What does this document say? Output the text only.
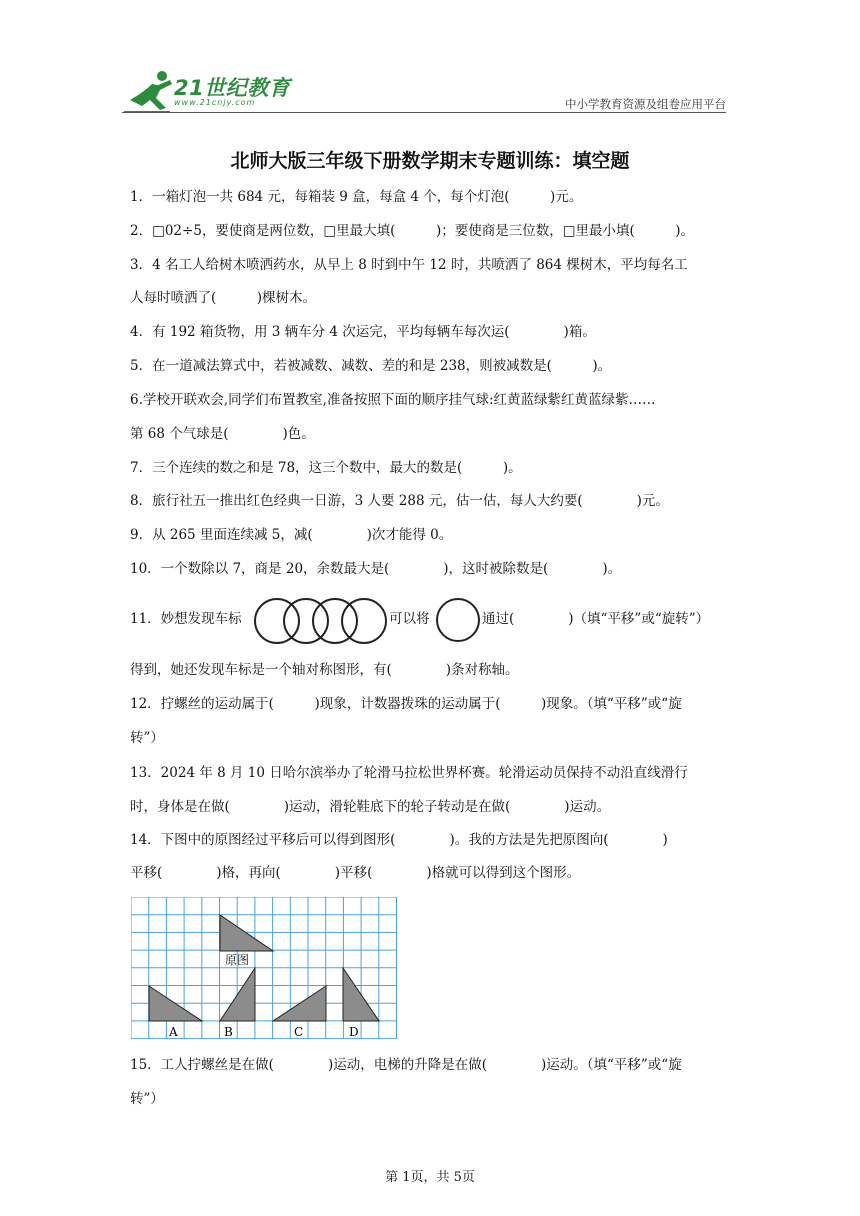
21世纪教育
www.21cnjy.com	中小学教育资源及组卷应用平台
北师大版三年级下册数学期末专题训练：填空题
1．一箱灯泡一共 684 元，每箱装 9 盒，每盒 4 个，每个灯泡(　　　)元。
2．□02÷5，要使商是两位数，□里最大填(　　　)；要使商是三位数，□里最小填(　　　)。
3．4 名工人给树木喷洒药水，从早上 8 时到中午 12 时，共喷洒了 864 棵树木，平均每名工
人每时喷洒了(　　　)棵树木。
4．有 192 箱货物，用 3 辆车分 4 次运完，平均每辆车每次运(　　　　)箱。
5．在一道减法算式中，若被减数、减数、差的和是 238，则被减数是(　　　)。
6.学校开联欢会,同学们布置教室,准备按照下面的顺序挂气球:红黄蓝绿紫红黄蓝绿紫……
第 68 个气球是(　　　　)色。
7．三个连续的数之和是 78，这三个数中，最大的数是(　　　)。
8．旅行社五一推出红色经典一日游，3 人要 288 元，估一估，每人大约要(　　　　)元。
9．从 265 里面连续减 5，减(　　　　)次才能得 0。
10．一个数除以 7，商是 20，余数最大是(　　　　)，这时被除数是(　　　　)。
11．妙想发现车标	可以将	通过(　　　　)（填“平移”或“旋转”）
得到，她还发现车标是一个轴对称图形，有(　　　　)条对称轴。
12．拧螺丝的运动属于(　　　)现象，计数器拨珠的运动属于(　　　)现象。（填“平移”或“旋
转”）
13．2024 年 8 月 10 日哈尔滨举办了轮滑马拉松世界杯赛。轮滑运动员保持不动沿直线滑行
时，身体是在做(　　　　)运动，滑轮鞋底下的轮子转动是在做(　　　　)运动。
14．下图中的原图经过平移后可以得到图形(　　　　)。我的方法是先把原图向(　　　　)
平移(　　　　)格，再向(　　　　)平移(　　　　)格就可以得到这个图形。
原图
A	B	C	D
15．工人拧螺丝是在做(　　　　)运动，电梯的升降是在做(　　　　)运动。（填“平移”或“旋
转”）
第 1页，共 5页
